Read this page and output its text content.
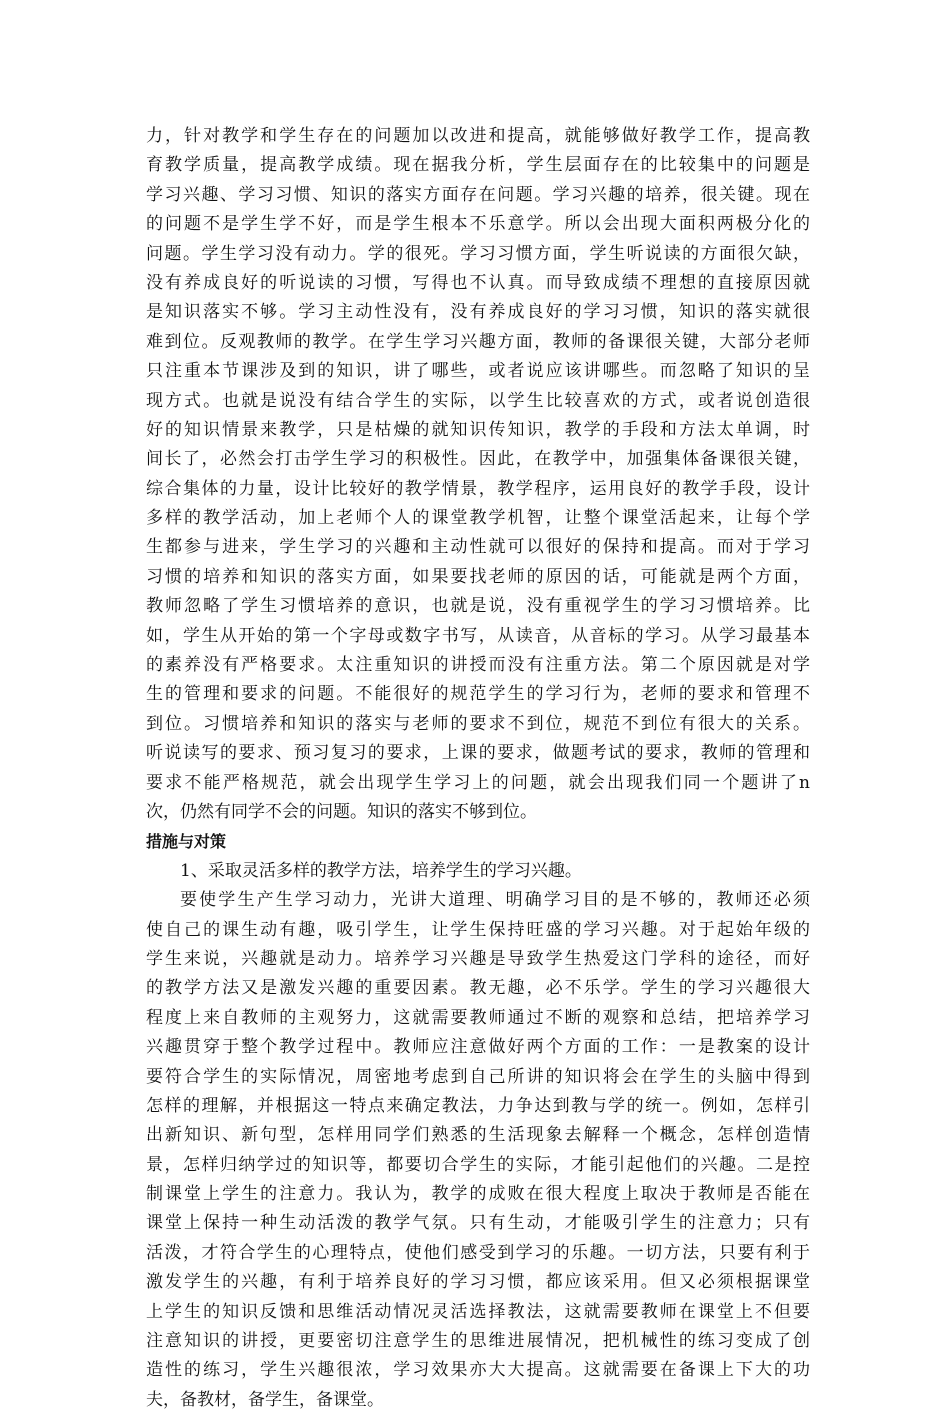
力，针对教学和学生存在的问题加以改进和提高，就能够做好教学工作，提高教
育教学质量，提高教学成绩。现在据我分析，学生层面存在的比较集中的问题是
学习兴趣、学习习惯、知识的落实方面存在问题。学习兴趣的培养，很关键。现在
的问题不是学生学不好，而是学生根本不乐意学。所以会出现大面积两极分化的
问题。学生学习没有动力。学的很死。学习习惯方面，学生听说读的方面很欠缺，
没有养成良好的听说读的习惯，写得也不认真。而导致成绩不理想的直接原因就
是知识落实不够。学习主动性没有，没有养成良好的学习习惯，知识的落实就很
难到位。反观教师的教学。在学生学习兴趣方面，教师的备课很关键，大部分老师
只注重本节课涉及到的知识，讲了哪些，或者说应该讲哪些。而忽略了知识的呈
现方式。也就是说没有结合学生的实际，以学生比较喜欢的方式，或者说创造很
好的知识情景来教学，只是枯燥的就知识传知识，教学的手段和方法太单调，时
间长了，必然会打击学生学习的积极性。因此，在教学中，加强集体备课很关键，
综合集体的力量，设计比较好的教学情景，教学程序，运用良好的教学手段，设计
多样的教学活动，加上老师个人的课堂教学机智，让整个课堂活起来，让每个学
生都参与进来，学生学习的兴趣和主动性就可以很好的保持和提高。而对于学习
习惯的培养和知识的落实方面，如果要找老师的原因的话，可能就是两个方面，
教师忽略了学生习惯培养的意识，也就是说，没有重视学生的学习习惯培养。比
如，学生从开始的第一个字母或数字书写，从读音，从音标的学习。从学习最基本
的素养没有严格要求。太注重知识的讲授而没有注重方法。第二个原因就是对学
生的管理和要求的问题。不能很好的规范学生的学习行为，老师的要求和管理不
到位。习惯培养和知识的落实与老师的要求不到位，规范不到位有很大的关系。
听说读写的要求、预习复习的要求，上课的要求，做题考试的要求，教师的管理和
要求不能严格规范，就会出现学生学习上的问题，就会出现我们同一个题讲了n
次，仍然有同学不会的问题。知识的落实不够到位。
措施与对策
1、采取灵活多样的教学方法，培养学生的学习兴趣。
要使学生产生学习动力，光讲大道理、明确学习目的是不够的，教师还必须
使自己的课生动有趣，吸引学生，让学生保持旺盛的学习兴趣。对于起始年级的
学生来说，兴趣就是动力。培养学习兴趣是导致学生热爱这门学科的途径，而好
的教学方法又是激发兴趣的重要因素。教无趣，必不乐学。学生的学习兴趣很大
程度上来自教师的主观努力，这就需要教师通过不断的观察和总结，把培养学习
兴趣贯穿于整个教学过程中。教师应注意做好两个方面的工作：一是教案的设计
要符合学生的实际情况，周密地考虑到自己所讲的知识将会在学生的头脑中得到
怎样的理解，并根据这一特点来确定教法，力争达到教与学的统一。例如，怎样引
出新知识、新句型，怎样用同学们熟悉的生活现象去解释一个概念，怎样创造情
景，怎样归纳学过的知识等，都要切合学生的实际，才能引起他们的兴趣。二是控
制课堂上学生的注意力。我认为，教学的成败在很大程度上取决于教师是否能在
课堂上保持一种生动活泼的教学气氛。只有生动，才能吸引学生的注意力；只有
活泼，才符合学生的心理特点，使他们感受到学习的乐趣。一切方法，只要有利于
激发学生的兴趣，有利于培养良好的学习习惯，都应该采用。但又必须根据课堂
上学生的知识反馈和思维活动情况灵活选择教法，这就需要教师在课堂上不但要
注意知识的讲授，更要密切注意学生的思维进展情况，把机械性的练习变成了创
造性的练习，学生兴趣很浓，学习效果亦大大提高。这就需要在备课上下大的功
夫，备教材，备学生，备课堂。
